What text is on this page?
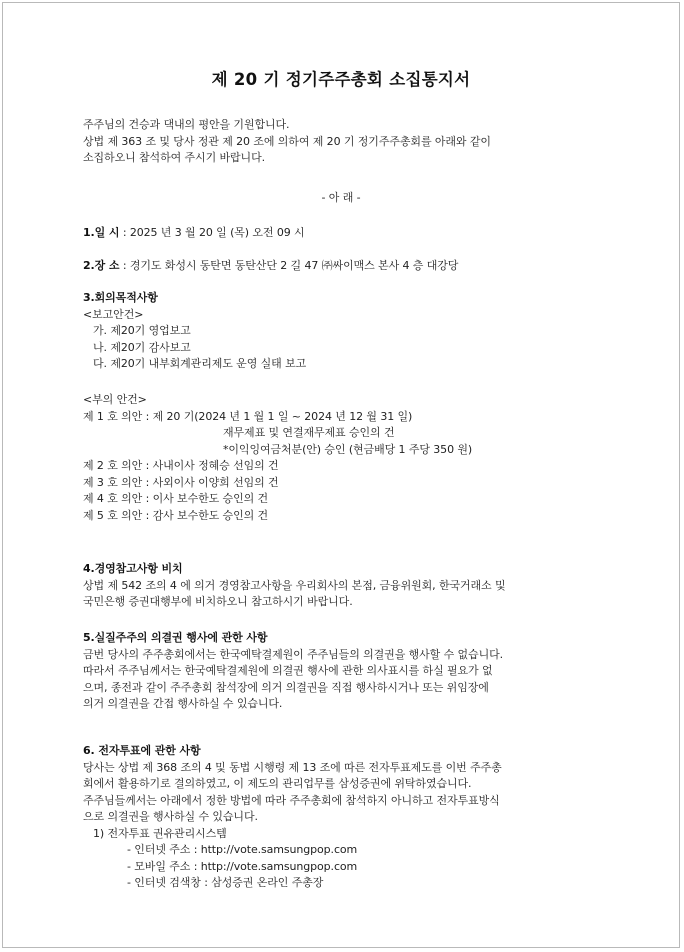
제 20 기 정기주주총회 소집통지서
주주님의 건승과 댁내의 평안을 기원합니다.
상법 제 363 조 및 당사 정관 제 20 조에 의하여 제 20 기 정기주주총회를 아래와 같이
소집하오니 참석하여 주시기 바랍니다.
- 아 래 -
1.일 시 : 2025 년 3 월 20 일 (목) 오전 09 시
2.장 소 : 경기도 화성시 동탄면 동탄산단 2 길 47 ㈜싸이맥스 본사 4 층 대강당
3.회의목적사항
<보고안건>
가. 제20기 영업보고
나. 제20기 감사보고
다. 제20기 내부회계관리제도 운영 실태 보고
<부의 안건>
제 1 호 의안 : 제 20 기(2024 년 1 월 1 일 ~ 2024 년 12 월 31 일)
재무제표 및 연결재무제표 승인의 건
*이익잉여금처분(안) 승인 (현금배당 1 주당 350 원)
제 2 호 의안 : 사내이사 정혜승 선임의 건
제 3 호 의안 : 사외이사 이양희 선임의 건
제 4 호 의안 : 이사 보수한도 승인의 건
제 5 호 의안 : 감사 보수한도 승인의 건
4.경영참고사항 비치
상법 제 542 조의 4 에 의거 경영참고사항을 우리회사의 본점, 금융위원회, 한국거래소 및
국민은행 증권대행부에 비치하오니 참고하시기 바랍니다.
5.실질주주의 의결권 행사에 관한 사항
금번 당사의 주주총회에서는 한국예탁결제원이 주주님들의 의결권을 행사할 수 없습니다.
따라서 주주님께서는 한국예탁결제원에 의결권 행사에 관한 의사표시를 하실 필요가 없
으며, 종전과 같이 주주총회 참석장에 의거 의결권을 직접 행사하시거나 또는 위임장에
의거 의결권을 간접 행사하실 수 있습니다.
6. 전자투표에 관한 사항
당사는 상법 제 368 조의 4 및 동법 시행령 제 13 조에 따른 전자투표제도를 이번 주주총
회에서 활용하기로 결의하였고, 이 제도의 관리업무를 삼성증권에 위탁하였습니다.
주주님들께서는 아래에서 정한 방법에 따라 주주총회에 참석하지 아니하고 전자투표방식
으로 의결권을 행사하실 수 있습니다.
1) 전자투표 권유관리시스템
- 인터넷 주소 : http://vote.samsungpop.com
- 모바일 주소 : http://vote.samsungpop.com
- 인터넷 검색창 : 삼성증권 온라인 주총장
